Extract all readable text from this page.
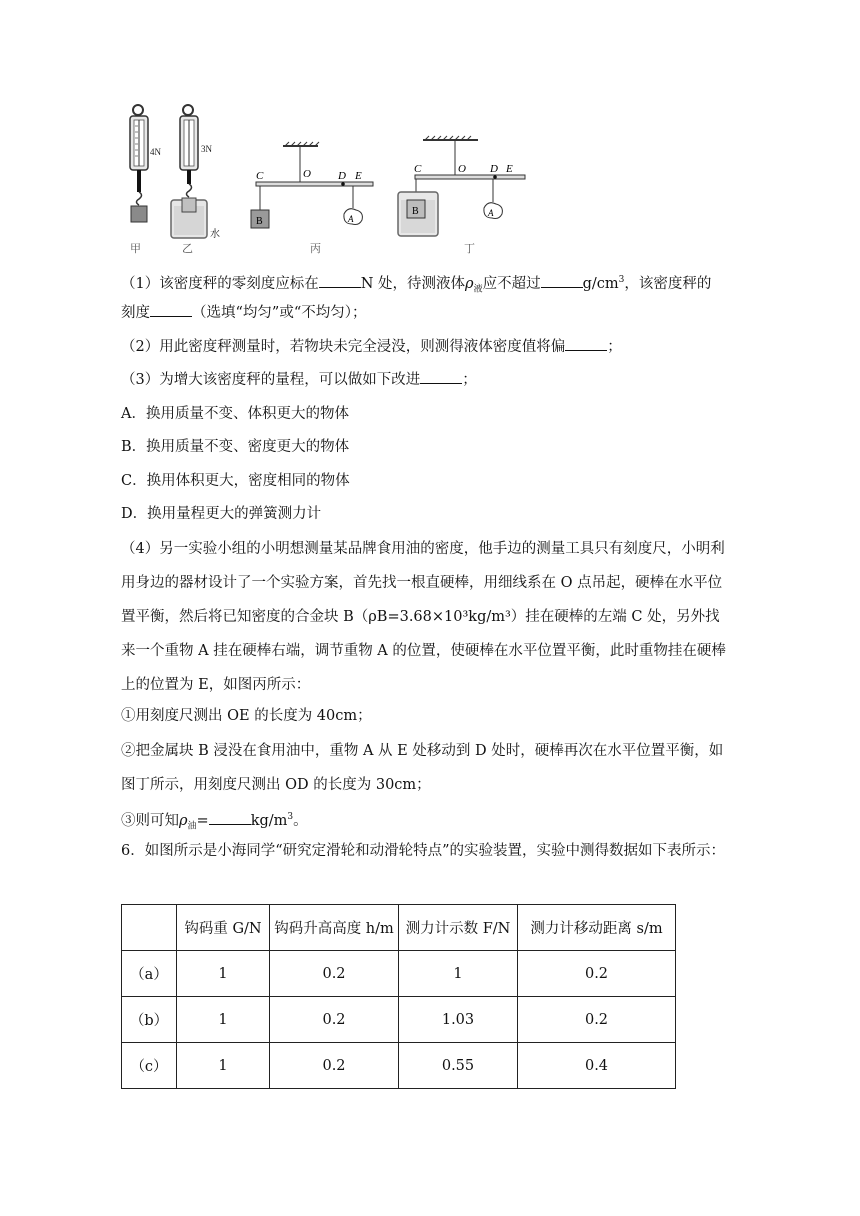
4N
甲
3N
水
乙
C	O D E
B	A
丙
C	O D E
B	A
丁

（1）该密度秤的零刻度应标在	N 处，待测液体$\rho_液$应不超过	$g/cm^3$，该密度秤的

刻度	（选填“均匀”或“不均匀）；

（2）用此密度秤测量时，若物块未完全浸没，则测得液体密度值将偏	；

（3）为增大该密度秤的量程，可以做如下改进	；

A．换用质量不变、体积更大的物体

B．换用质量不变、密度更大的物体

C．换用体积更大，密度相同的物体

D．换用量程更大的弹簧测力计

（4）另一实验小组的小明想测量某品牌食用油的密度，他手边的测量工具只有刻度尺，小明利用身边的器材设计了一个实验方案，首先找一根直硬棒，用细线系在 O 点吊起，硬棒在水平位置平衡，然后将已知密度的合金块 B（ρB=3.68×10³kg/m³）挂在硬棒的左端 C 处，另外找来一个重物 A 挂在硬棒右端，调节重物 A 的位置，使硬棒在水平位置平衡，此时重物挂在硬棒上的位置为 E，如图丙所示：

①用刻度尺测出 OE 的长度为 40cm；

②把金属块 B 浸没在食用油中，重物 A 从 E 处移动到 D 处时，硬棒再次在水平位置平衡，如图丁所示，用刻度尺测出 OD 的长度为 30cm；

③则可知$\rho_油=$	$kg/m^3$。

6．如图所示是小海同学“研究定滑轮和动滑轮特点”的实验装置，实验中测得数据如下表所示：

	钩码重 G/N	钩码升高高度 h/m	测力计示数 F/N	测力计移动距离 s/m
（a）	1	0.2	1	0.2
（b）	1	0.2	1.03	0.2
（c）	1	0.2	0.55	0.4
